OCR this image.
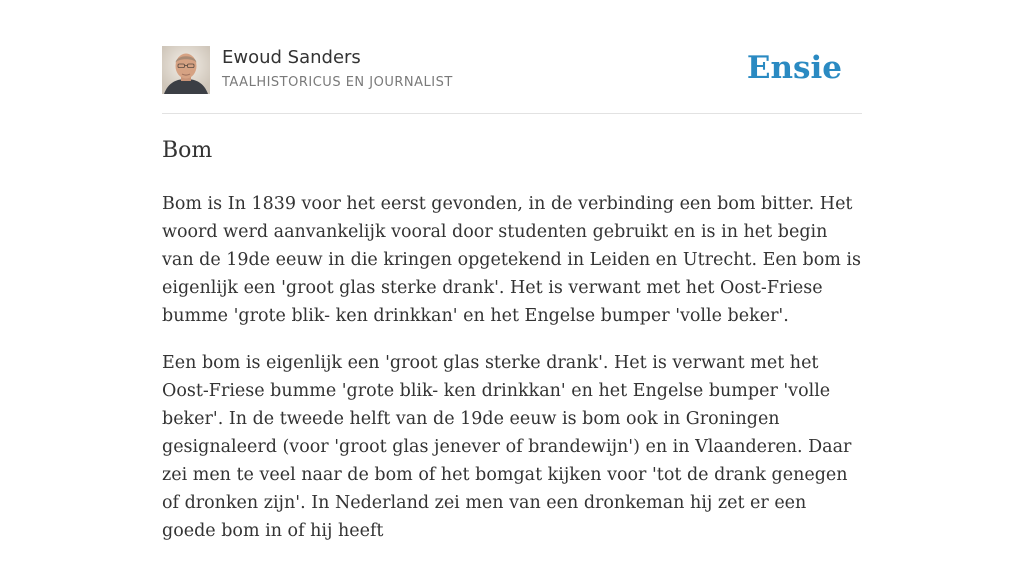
Ewoud Sanders
TAALHISTORICUS EN JOURNALIST	Ensie
Bom

Bom is In 1839 voor het eerst gevonden, in de verbinding een bom bitter. Het woord werd aanvankelijk vooral door studenten gebruikt en is in het begin van de 19de eeuw in die kringen opgetekend in Leiden en Utrecht. Een bom is eigenlijk een 'groot glas sterke drank'. Het is verwant met het Oost-Friese bumme 'grote blik- ken drinkkan' en het Engelse bumper 'volle beker'.

Een bom is eigenlijk een 'groot glas sterke drank'. Het is verwant met het Oost-Friese bumme 'grote blik- ken drinkkan' en het Engelse bumper 'volle beker'. In de tweede helft van de 19de eeuw is bom ook in Groningen gesignaleerd (voor 'groot glas jenever of brandewijn') en in Vlaanderen. Daar zei men te veel naar de bom of het bomgat kijken voor 'tot de drank genegen of dronken zijn'. In Nederland zei men van een dronkeman hij zet er een goede bom in of hij heeft
